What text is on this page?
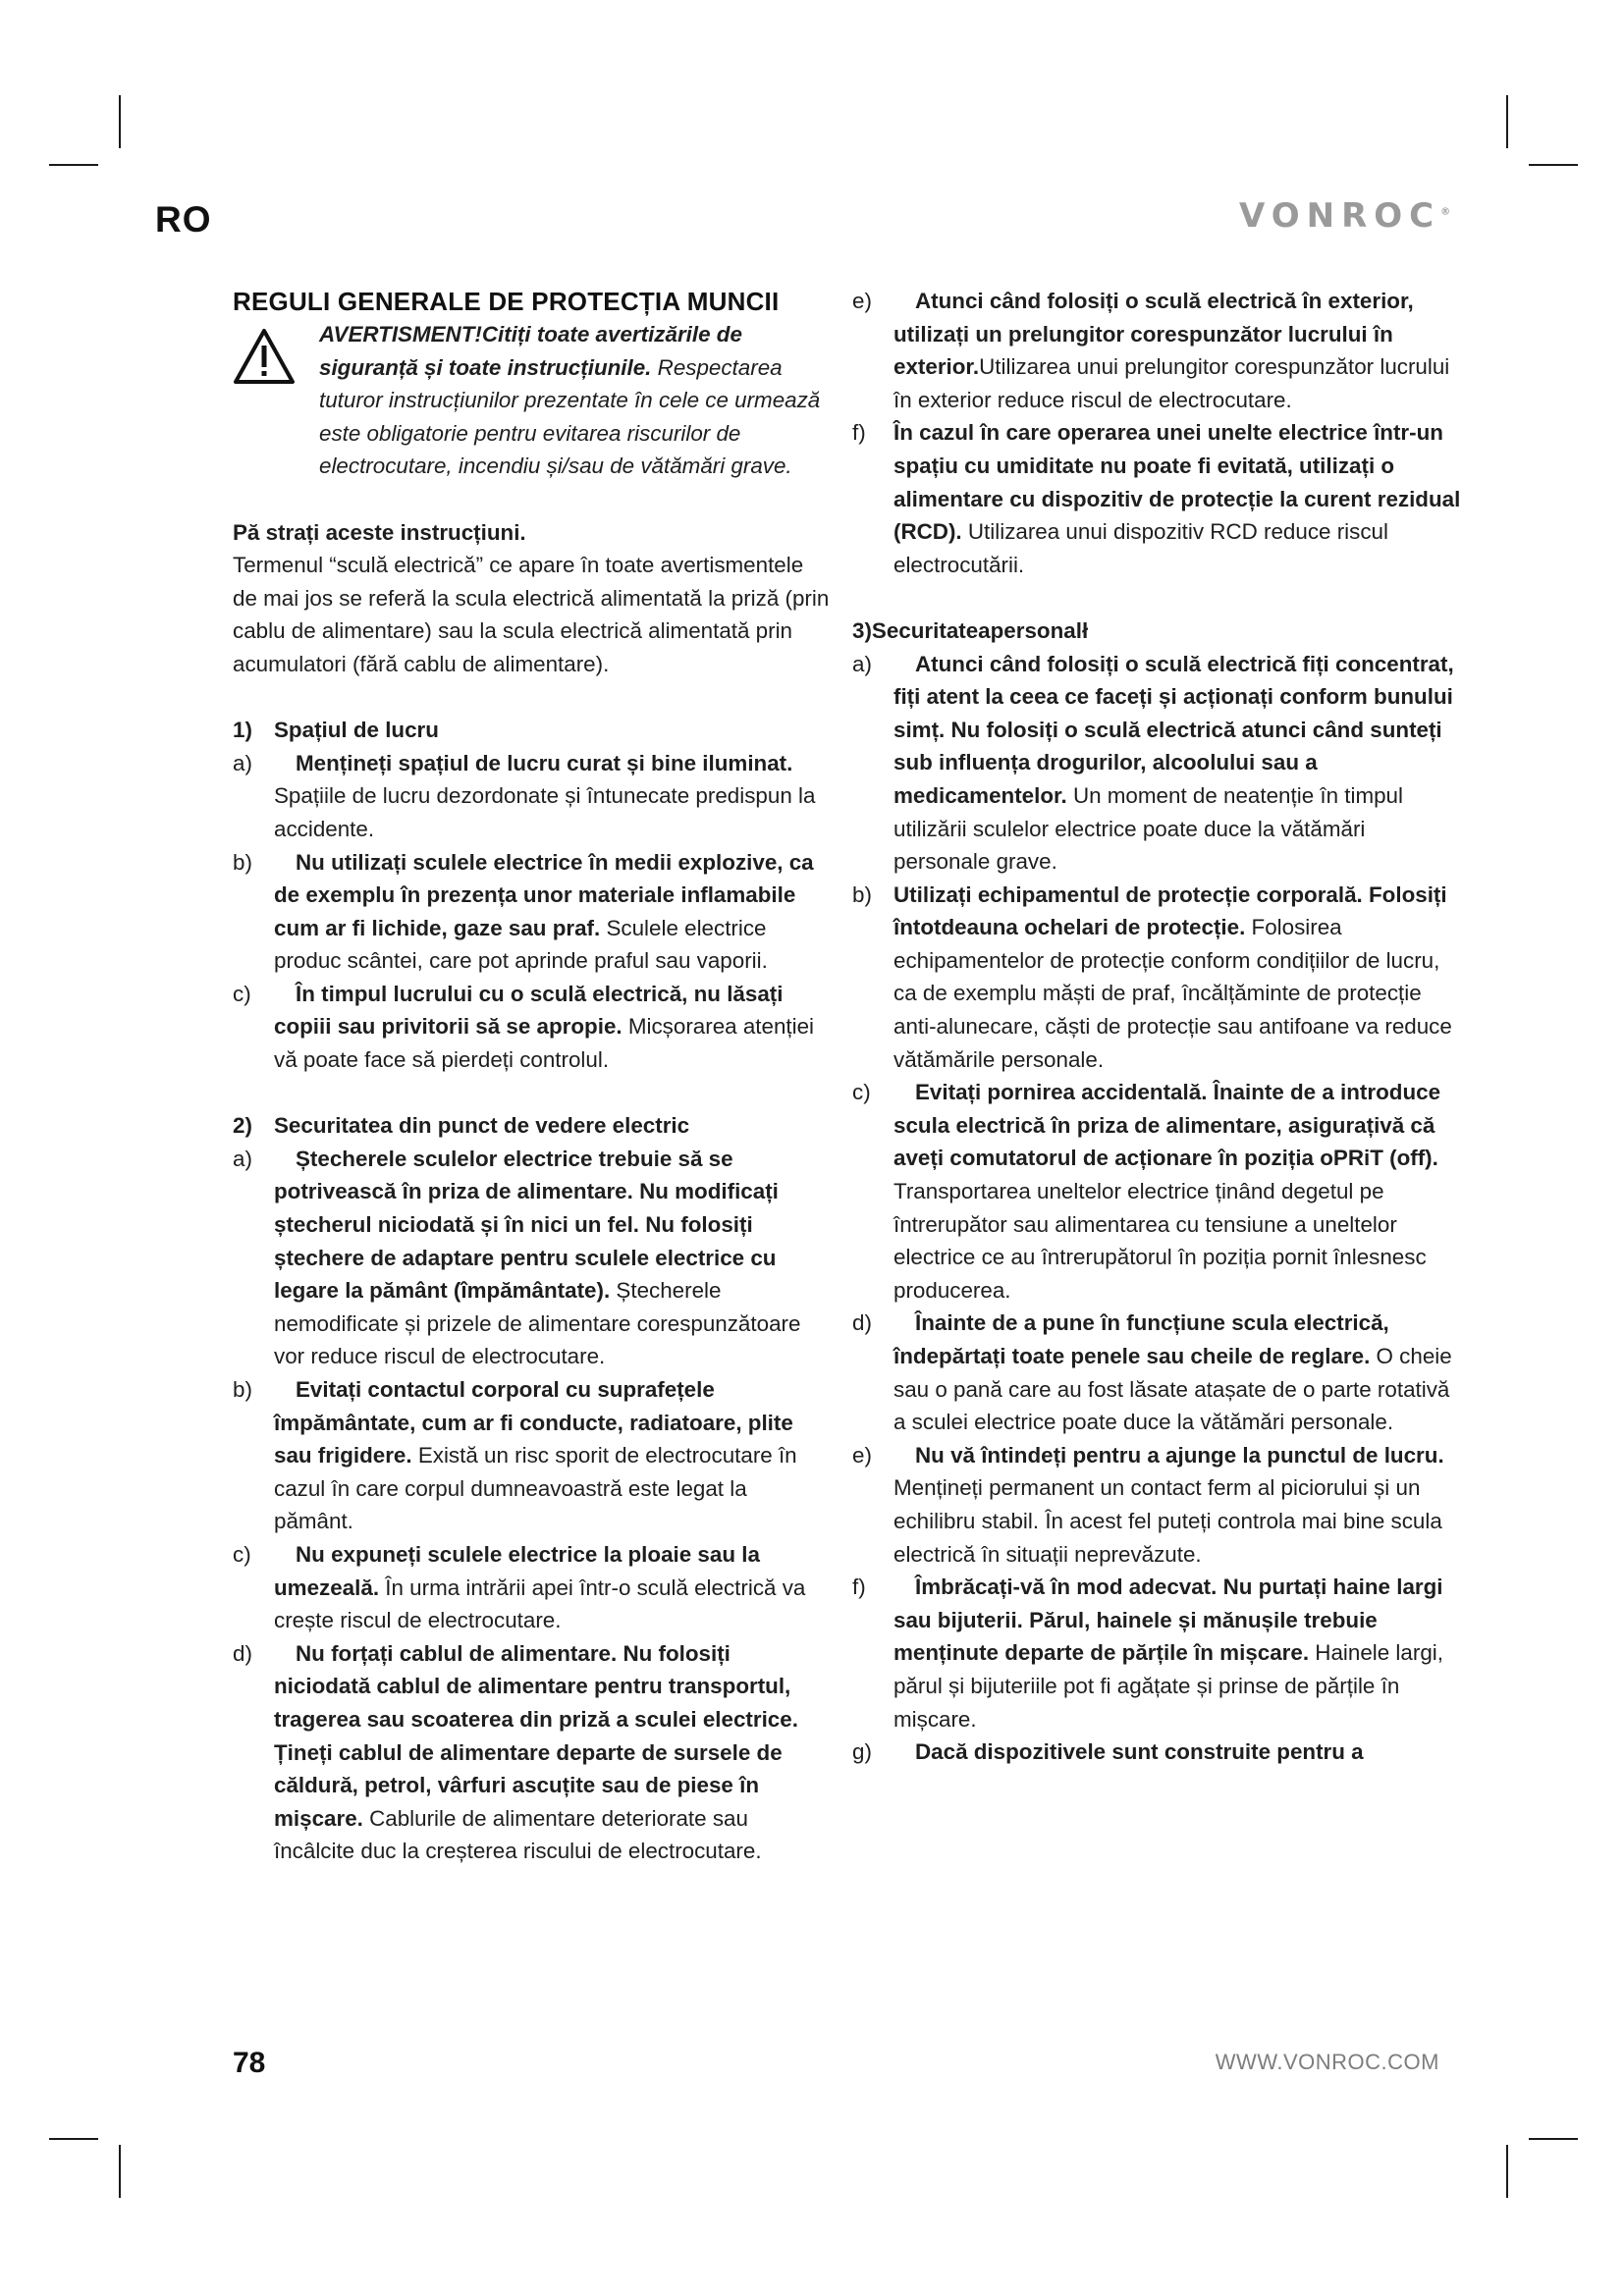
RO	VONROC®
REGULI GENERALE DE PROTECȚIA MUNCII

AVERTISMENT!Citiți toate avertizările de siguranță și toate instrucțiunile. Respectarea tuturor instrucțiunilor prezentate în cele ce urmează este obligatorie pentru evitarea riscurilor de electrocutare, incendiu și/sau de vătămări grave.

Pă strați aceste instrucțiuni.

Termenul “sculă electrică” ce apare în toate avertismentele de mai jos se referă la scula electrică alimentată la priză (prin cablu de alimentare) sau la scula electrică alimentată prin acumulatori (fără cablu de alimentare).

1) Spațiul de lucru

a) Mențineți spațiul de lucru curat și bine iluminat. Spațiile de lucru dezordonate și întunecate predispun la accidente.
b) Nu utilizați sculele electrice în medii explozive, ca de exemplu în prezența unor materiale inflamabile cum ar fi lichide, gaze sau praf. Sculele electrice produc scântei, care pot aprinde praful sau vaporii.
c) În timpul lucrului cu o sculă electrică, nu lăsați copiii sau privitorii să se apropie. Micșorarea atenției vă poate face să pierdeți controlul.

2) Securitatea din punct de vedere electric

a) Ștecherele sculelor electrice trebuie să se potrivească în priza de alimentare. Nu modificați ștecherul niciodată și în nici un fel. Nu folosiți ștechere de adaptare pentru sculele electrice cu legare la pământ (împământate). Ștecherele nemodificate și prizele de alimentare corespunzătoare vor reduce riscul de electrocutare.
b) Evitați contactul corporal cu suprafețele împământate, cum ar fi conducte, radiatoare, plite sau frigidere. Există un risc sporit de electrocutare în cazul în care corpul dumneavoastră este legat la pământ.
c) Nu expuneți sculele electrice la ploaie sau la umezeală. În urma intrării apei într-o sculă electrică va crește riscul de electrocutare.
d) Nu forțați cablul de alimentare. Nu folosiți niciodată cablul de alimentare pentru transportul, tragerea sau scoaterea din priză a sculei electrice. Țineți cablul de alimentare departe de sursele de căldură, petrol, vârfuri ascuțite sau de piese în mișcare. Cablurile de alimentare deteriorate sau încâlcite duc la creșterea riscului de electrocutare.
e) Atunci când folosiți o sculă electrică în exterior, utilizați un prelungitor corespunzător lucrului în exterior.Utilizarea unui prelungitor corespunzător lucrului în exterior reduce riscul de electrocutare.
f) În cazul în care operarea unei unelte electrice într-un spațiu cu umiditate nu poate fi evitată, utilizați o alimentare cu dispozitiv de protecție la curent rezidual (RCD). Utilizarea unui dispozitiv RCD reduce riscul electrocutării.

3)Securitateapersonalł

a) Atunci când folosiți o sculă electrică fiți concentrat, fiți atent la ceea ce faceți și acționați conform bunului simț. Nu folosiți o sculă electrică atunci când sunteți sub influența drogurilor, alcoolului sau a medicamentelor. Un moment de neatenție în timpul utilizării sculelor electrice poate duce la vătămări personale grave.
b) Utilizați echipamentul de protecție corporală. Folosiți întotdeauna ochelari de protecție. Folosirea echipamentelor de protecție conform condițiilor de lucru, ca de exemplu măști de praf, încălțăminte de protecție anti-alunecare, căști de protecție sau antifoane va reduce vătămările personale.
c) Evitați pornirea accidentală. Înainte de a introduce scula electrică în priza de alimentare, asigurațivă că aveți comutatorul de acționare în poziția oPRiT (off). Transportarea uneltelor electrice ținând degetul pe întrerupător sau alimentarea cu tensiune a uneltelor electrice ce au întrerupătorul în poziția pornit înlesnesc producerea.
d) Înainte de a pune în funcțiune scula electrică, îndepărtați toate penele sau cheile de reglare. O cheie sau o pană care au fost lăsate atașate de o parte rotativă a sculei electrice poate duce la vătămări personale.
e) Nu vă întindeți pentru a ajunge la punctul de lucru. Mențineți permanent un contact ferm al piciorului și un echilibru stabil. În acest fel puteți controla mai bine scula electrică în situații neprevăzute.
f) Îmbrăcați-vă în mod adecvat. Nu purtați haine largi sau bijuterii. Părul, hainele și mănușile trebuie menținute departe de părțile în mișcare. Hainele largi, părul și bijuteriile pot fi agățate și prinse de părțile în mișcare.
g) Dacă dispozitivele sunt construite pentru a
78	WWW.VONROC.COM
